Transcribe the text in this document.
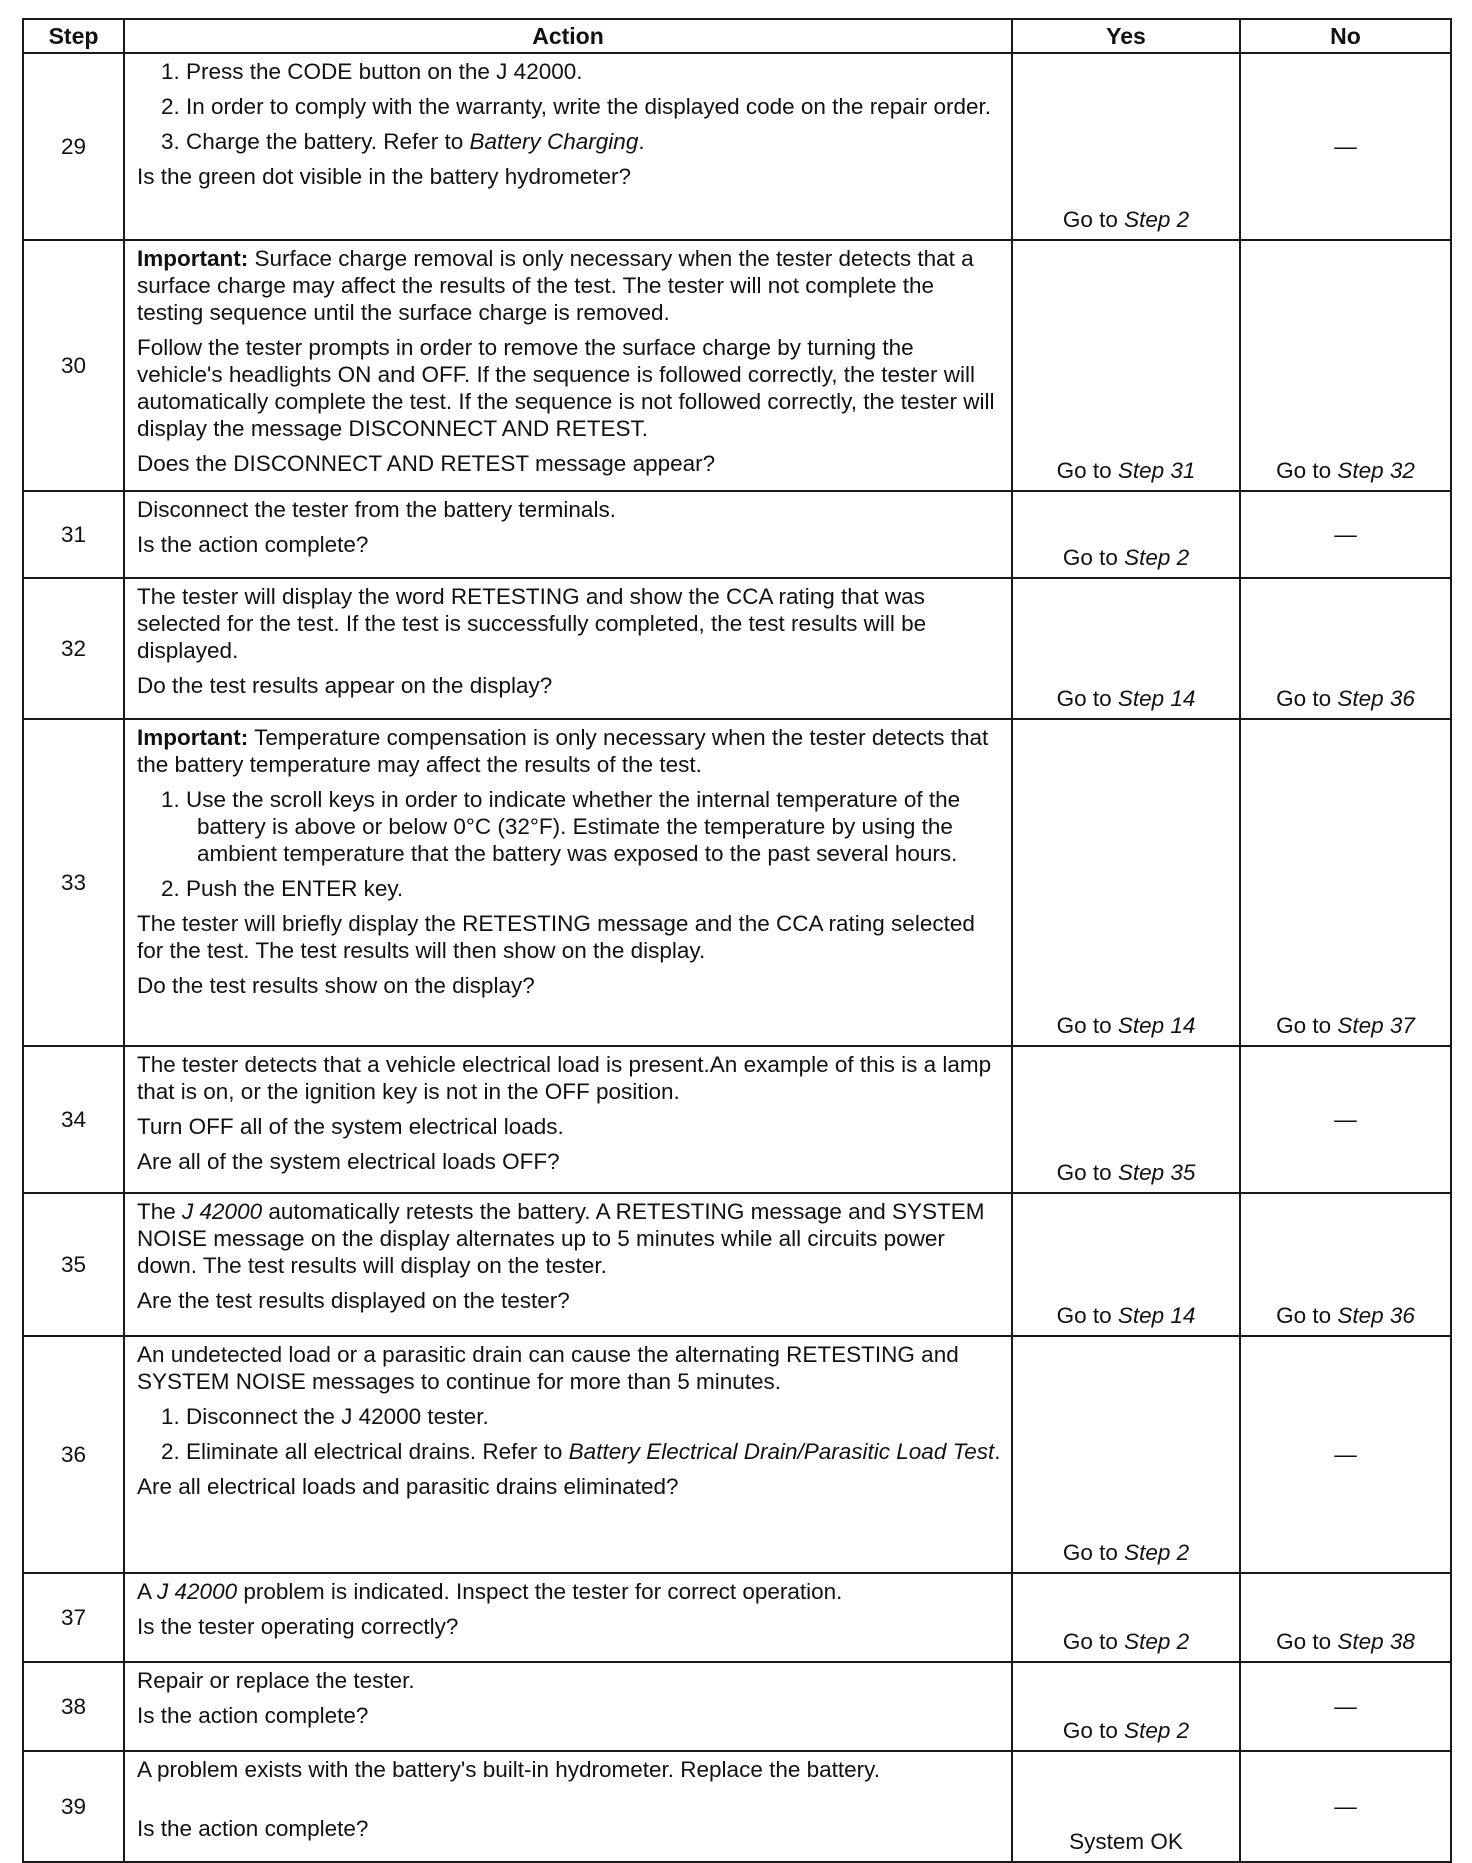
Step	Action	Yes	No
29	1. Press the CODE button on the J 42000.
2. In order to comply with the warranty, write the displayed code on the repair order.
3. Charge the battery. Refer to Battery Charging.
Is the green dot visible in the battery hydrometer?	Go to Step 2	—
30	Important: Surface charge removal is only necessary when the tester detects that a surface charge may affect the results of the test. The tester will not complete the testing sequence until the surface charge is removed.
Follow the tester prompts in order to remove the surface charge by turning the vehicle's headlights ON and OFF. If the sequence is followed correctly, the tester will automatically complete the test. If the sequence is not followed correctly, the tester will display the message DISCONNECT AND RETEST.
Does the DISCONNECT AND RETEST message appear?	Go to Step 31	Go to Step 32
31	Disconnect the tester from the battery terminals.
Is the action complete?	Go to Step 2	—
32	The tester will display the word RETESTING and show the CCA rating that was selected for the test. If the test is successfully completed, the test results will be displayed.
Do the test results appear on the display?	Go to Step 14	Go to Step 36
33	Important: Temperature compensation is only necessary when the tester detects that the battery temperature may affect the results of the test.
1. Use the scroll keys in order to indicate whether the internal temperature of the battery is above or below 0°C (32°F). Estimate the temperature by using the ambient temperature that the battery was exposed to the past several hours.
2. Push the ENTER key.
The tester will briefly display the RETESTING message and the CCA rating selected for the test. The test results will then show on the display.
Do the test results show on the display?	Go to Step 14	Go to Step 37
34	The tester detects that a vehicle electrical load is present.An example of this is a lamp that is on, or the ignition key is not in the OFF position.
Turn OFF all of the system electrical loads.
Are all of the system electrical loads OFF?	Go to Step 35	—
35	The J 42000 automatically retests the battery. A RETESTING message and SYSTEM NOISE message on the display alternates up to 5 minutes while all circuits power down. The test results will display on the tester.
Are the test results displayed on the tester?	Go to Step 14	Go to Step 36
36	An undetected load or a parasitic drain can cause the alternating RETESTING and SYSTEM NOISE messages to continue for more than 5 minutes.
1. Disconnect the J 42000 tester.
2. Eliminate all electrical drains. Refer to Battery Electrical Drain/Parasitic Load Test.
Are all electrical loads and parasitic drains eliminated?	Go to Step 2	—
37	A J 42000 problem is indicated. Inspect the tester for correct operation.
Is the tester operating correctly?	Go to Step 2	Go to Step 38
38	Repair or replace the tester.
Is the action complete?	Go to Step 2	—
39	A problem exists with the battery's built-in hydrometer. Replace the battery.
Is the action complete?	System OK	—
